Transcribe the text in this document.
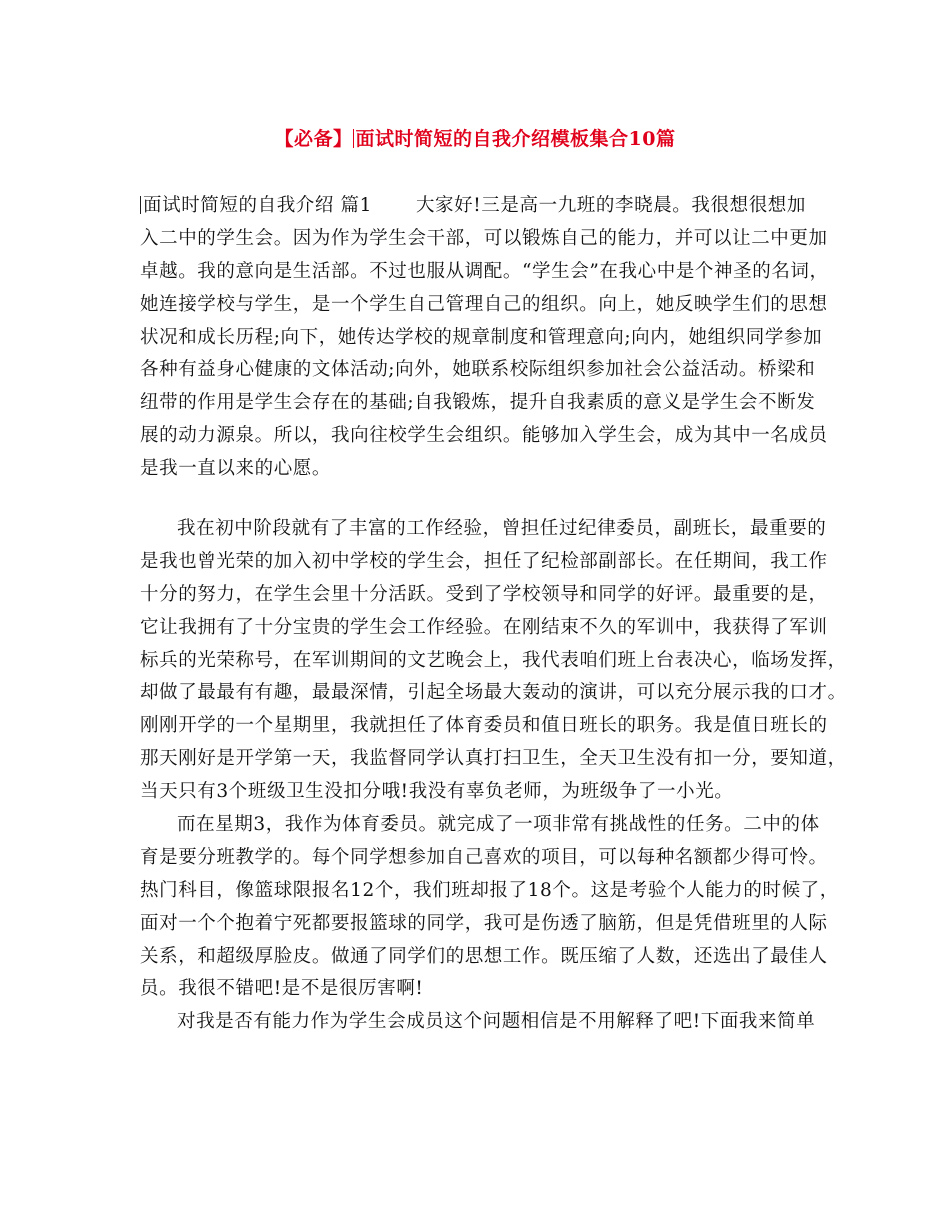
【必备】 面试时简短的自我介绍模板集合10篇
面试时简短的自我介绍 篇1 大家好!三是高一九班的李晓晨。我很想很想加
入二中的学生会。因为作为学生会干部，可以锻炼自己的能力，并可以让二中更加
卓越。我的意向是生活部。不过也服从调配。“学生会”在我心中是个神圣的名词，
她连接学校与学生，是一个学生自己管理自己的组织。向上，她反映学生们的思想
状况和成长历程;向下，她传达学校的规章制度和管理意向;向内，她组织同学参加
各种有益身心健康的文体活动;向外，她联系校际组织参加社会公益活动。桥梁和
纽带的作用是学生会存在的基础;自我锻炼，提升自我素质的意义是学生会不断发
展的动力源泉。所以，我向往校学生会组织。能够加入学生会，成为其中一名成员
是我一直以来的心愿。
我在初中阶段就有了丰富的工作经验，曾担任过纪律委员，副班长，最重要的
是我也曾光荣的加入初中学校的学生会，担任了纪检部副部长。在任期间，我工作
十分的努力，在学生会里十分活跃。受到了学校领导和同学的好评。最重要的是，
它让我拥有了十分宝贵的学生会工作经验。在刚结束不久的军训中，我获得了军训
标兵的光荣称号，在军训期间的文艺晚会上，我代表咱们班上台表决心，临场发挥，
却做了最最有有趣，最最深情，引起全场最大轰动的演讲，可以充分展示我的口才。
刚刚开学的一个星期里，我就担任了体育委员和值日班长的职务。我是值日班长的
那天刚好是开学第一天，我监督同学认真打扫卫生，全天卫生没有扣一分，要知道，
当天只有3个班级卫生没扣分哦!我没有辜负老师，为班级争了一小光。
而在星期3，我作为体育委员。就完成了一项非常有挑战性的任务。二中的体
育是要分班教学的。每个同学想参加自己喜欢的项目，可以每种名额都少得可怜。
热门科目，像篮球限报名12个，我们班却报了18个。这是考验个人能力的时候了，
面对一个个抱着宁死都要报篮球的同学，我可是伤透了脑筋，但是凭借班里的人际
关系，和超级厚脸皮。做通了同学们的思想工作。既压缩了人数，还选出了最佳人
员。我很不错吧!是不是很厉害啊!
对我是否有能力作为学生会成员这个问题相信是不用解释了吧!下面我来简单
